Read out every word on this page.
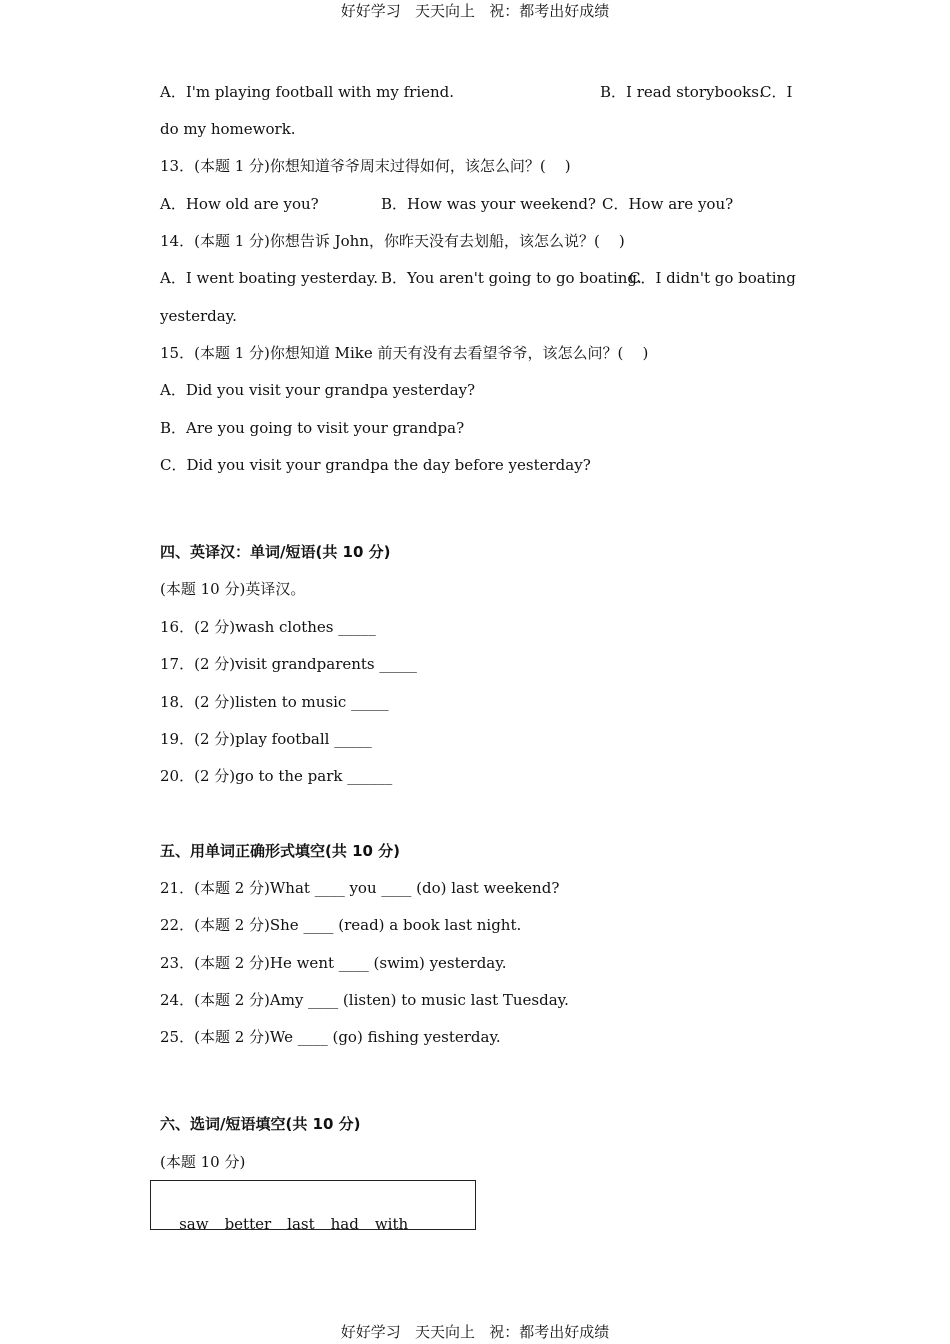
好好学习   天天向上   祝：都考出好成绩
A．I'm playing football with my friend.	B．I read storybooks.
C．I
do my homework.
13．(本题 1 分)你想知道爷爷周末过得如何，该怎么问？(    )
A．How old are you?	B．How was your weekend? C．How are you?
14．(本题 1 分)你想告诉 John，你昨天没有去划船，该怎么说？(    )
A．I went boating yesterday. B．You aren't going to go boating.
C．I didn't go boating
yesterday.
15．(本题 1 分)你想知道 Mike 前天有没有去看望爷爷，该怎么问？(    )
A．Did you visit your grandpa yesterday?
B．Are you going to visit your grandpa?
C．Did you visit your grandpa the day before yesterday?
四、英译汉：单词/短语(共 10 分)
(本题 10 分)英译汉。
16．(2 分)wash clothes _____
17．(2 分)visit grandparents _____
18．(2 分)listen to music _____
19．(2 分)play football _____
20．(2 分)go to the park ______
五、用单词正确形式填空(共 10 分)
21．(本题 2 分)What ____ you ____ (do) last weekend?
22．(本题 2 分)She ____ (read) a book last night.
23．(本题 2 分)He went ____ (swim) yesterday.
24．(本题 2 分)Amy ____ (listen) to music last Tuesday.
25．(本题 2 分)We ____ (go) fishing yesterday.
六、选词/短语填空(共 10 分)
(本题 10 分)

saw better last had with

好好学习   天天向上   祝：都考出好成绩
